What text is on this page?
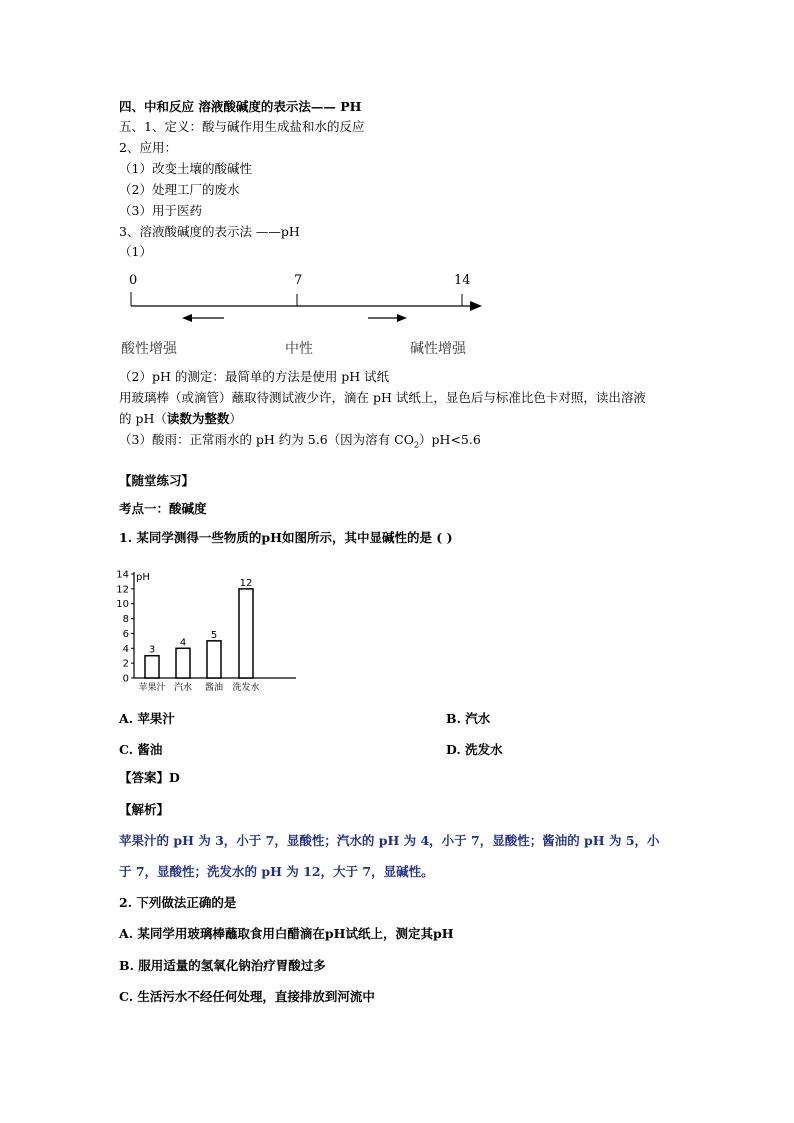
四、中和反应 溶液酸碱度的表示法—— PH
五、1、定义：酸与碱作用生成盐和水的反应
2、应用：
（1）改变土壤的酸碱性
（2）处理工厂的废水
（3）用于医药
3、溶液酸碱度的表示法 ——pH
（1）
0	7	14
酸性增强	中性	碱性增强
（2）pH 的测定：最简单的方法是使用 pH 试纸
用玻璃棒（或滴管）蘸取待测试液少许，滴在 pH 试纸上，显色后与标准比色卡对照，读出溶液
的 pH（读数为整数）
（3）酸雨：正常雨水的 pH 约为 5.6（因为溶有 $CO_2)pH<5.6$
【随堂练习】
考点一：酸碱度
1. 某同学测得一些物质的pH如图所示，其中显碱性的是 ( )
pH
0
2
4
6
8
10
12
14
3
苹果汁
4
汽水
5
酱油
12
洗发水
A. 苹果汁	B. 汽水
C. 酱油	D. 洗发水
【答案】D
【解析】
苹果汁的 pH 为 3，小于 7，显酸性；汽水的 pH 为 4，小于 7，显酸性；酱油的 pH 为 5，小
于 7，显酸性；洗发水的 pH 为 12，大于 7，显碱性。
2. 下列做法正确的是
A. 某同学用玻璃棒蘸取食用白醋滴在pH试纸上，测定其pH
B. 服用适量的氢氧化钠治疗胃酸过多
C. 生活污水不经任何处理，直接排放到河流中
